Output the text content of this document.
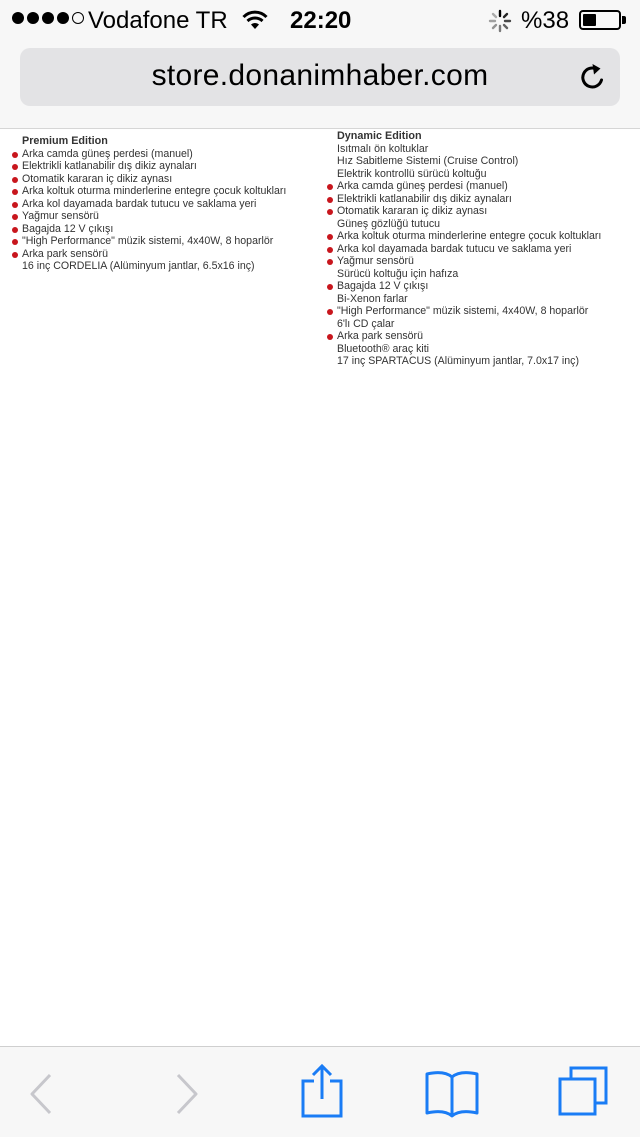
Vodafone TR	22:20	%38
store.donanimhaber.com
Premium Edition
Arka camda güneş perdesi (manuel)
Elektrikli katlanabilir dış dikiz aynaları
Otomatik kararan iç dikiz aynası
Arka koltuk oturma minderlerine entegre çocuk koltukları
Arka kol dayamada bardak tutucu ve saklama yeri
Yağmur sensörü
Bagajda 12 V çıkışı
"High Performance" müzik sistemi, 4x40W, 8 hoparlör
Arka park sensörü
16 inç CORDELIA (Alüminyum jantlar, 6.5x16 inç)
Dynamic Edition
Isıtmalı ön koltuklar
Hız Sabitleme Sistemi (Cruise Control)
Elektrik kontrollü sürücü koltuğu
Arka camda güneş perdesi (manuel)
Elektrikli katlanabilir dış dikiz aynaları
Otomatik kararan iç dikiz aynası
Güneş gözlüğü tutucu
Arka koltuk oturma minderlerine entegre çocuk koltukları
Arka kol dayamada bardak tutucu ve saklama yeri
Yağmur sensörü
Sürücü koltuğu için hafıza
Bagajda 12 V çıkışı
Bi-Xenon farlar
"High Performance" müzik sistemi, 4x40W, 8 hoparlör
6'lı CD çalar
Arka park sensörü
Bluetooth® araç kiti
17 inç SPARTACUS (Alüminyum jantlar, 7.0x17 inç)
